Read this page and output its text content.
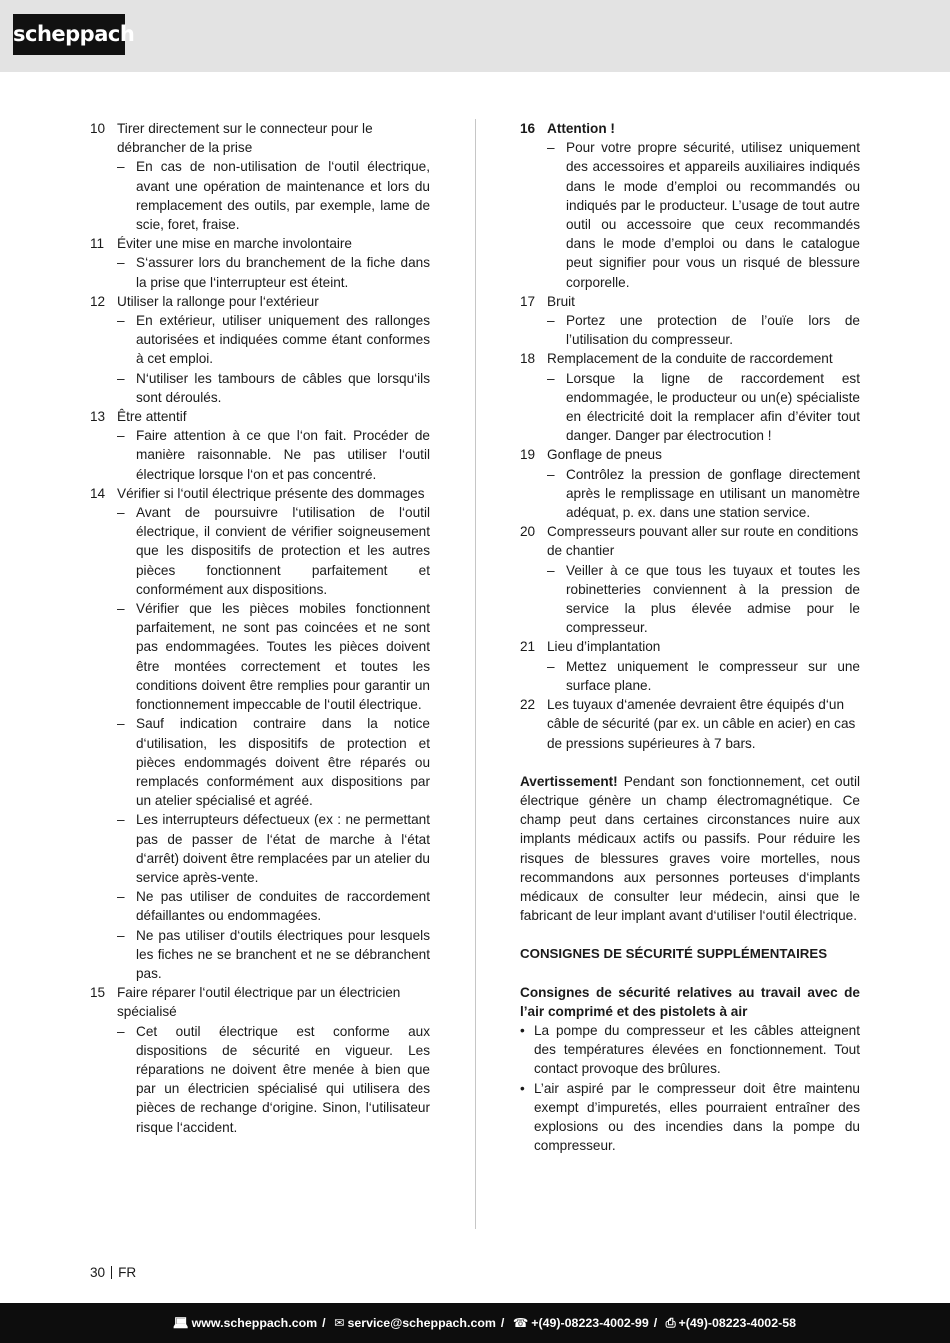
scheppach
10 Tirer directement sur le connecteur pour le débrancher de la prise
– En cas de non-utilisation de l‘outil électrique, avant une opération de maintenance et lors du remplacement des outils, par exemple, lame de scie, foret, fraise.
11 Éviter une mise en marche involontaire
– S‘assurer lors du branchement de la fiche dans la prise que l‘interrupteur est éteint.
12 Utiliser la rallonge pour l‘extérieur
– En extérieur, utiliser uniquement des rallonges autorisées et indiquées comme étant conformes à cet emploi.
– N‘utiliser les tambours de câbles que lorsqu‘ils sont déroulés.
13 Être attentif
– Faire attention à ce que l‘on fait. Procéder de manière raisonnable. Ne pas utiliser l‘outil électrique lorsque l‘on et pas concentré.
14 Vérifier si l‘outil électrique présente des dommages
– Avant de poursuivre l‘utilisation de l‘outil électrique, il convient de vérifier soigneusement que les dispositifs de protection et les autres pièces fonctionnent parfaitement et conformément aux dispositions.
– Vérifier que les pièces mobiles fonctionnent parfaitement, ne sont pas coincées et ne sont pas endommagées. Toutes les pièces doivent être montées correctement et toutes les conditions doivent être remplies pour garantir un fonctionnement impeccable de l‘outil électrique.
– Sauf indication contraire dans la notice d‘utilisation, les dispositifs de protection et pièces endommagés doivent être réparés ou remplacés conformément aux dispositions par un atelier spécialisé et agréé.
– Les interrupteurs défectueux (ex : ne permettant pas de passer de l‘état de marche à l‘état d‘arrêt) doivent être remplacées par un atelier du service après-vente.
– Ne pas utiliser de conduites de raccordement défaillantes ou endommagées.
– Ne pas utiliser d‘outils électriques pour lesquels les fiches ne se branchent et ne se débranchent pas.
15 Faire réparer l‘outil électrique par un électricien spécialisé
– Cet outil électrique est conforme aux dispositions de sécurité en vigueur. Les réparations ne doivent être menée à bien que par un électricien spécialisé qui utilisera des pièces de rechange d‘origine. Sinon, l‘utilisateur risque l‘accident.
16 Attention !
– Pour votre propre sécurité, utilisez uniquement des accessoires et appareils auxiliaires indiqués dans le mode d’emploi ou recommandés ou indiqués par le producteur. L’usage de tout autre outil ou accessoire que ceux recommandés dans le mode d’emploi ou dans le catalogue peut signifier pour vous un risqué de blessure corporelle.
17 Bruit
– Portez une protection de l’ouïe lors de l’utilisation du compresseur.
18 Remplacement de la conduite de raccordement
– Lorsque la ligne de raccordement est endommagée, le producteur ou un(e) spécialiste en électricité doit la remplacer afin d’éviter tout danger. Danger par électrocution !
19 Gonflage de pneus
– Contrôlez la pression de gonflage directement après le remplissage en utilisant un manomètre adéquat, p. ex. dans une station service.
20 Compresseurs pouvant aller sur route en conditions de chantier
– Veiller à ce que tous les tuyaux et toutes les robinetteries conviennent à la pression de service la plus élevée admise pour le compresseur.
21 Lieu d’implantation
– Mettez uniquement le compresseur sur une surface plane.
22 Les tuyaux d‘amenée devraient être équipés d‘un câble de sécurité (par ex. un câble en acier) en cas de pressions supérieures à 7 bars.
Avertissement! Pendant son fonctionnement, cet outil électrique génère un champ électromagnétique. Ce champ peut dans certaines circonstances nuire aux implants médicaux actifs ou passifs. Pour réduire les risques de blessures graves voire mortelles, nous recommandons aux personnes porteuses d‘implants médicaux de consulter leur médecin, ainsi que le fabricant de leur implant avant d‘utiliser l‘outil électrique.
CONSIGNES DE SÉCURITÉ SUPPLÉMENTAIRES
Consignes de sécurité relatives au travail avec de l’air comprimé et des pistolets à air
• La pompe du compresseur et les câbles atteignent des températures élevées en fonctionnement. Tout contact provoque des brûlures.
• L’air aspiré par le compresseur doit être maintenu exempt d’impuretés, elles pourraient entraîner des explosions ou des incendies dans la pompe du compresseur.
30 FR
💻︎ www.scheppach.com / ✉︎ service@scheppach.com / ☎︎ +(49)-08223-4002-99 / ⎙ +(49)-08223-4002-58
